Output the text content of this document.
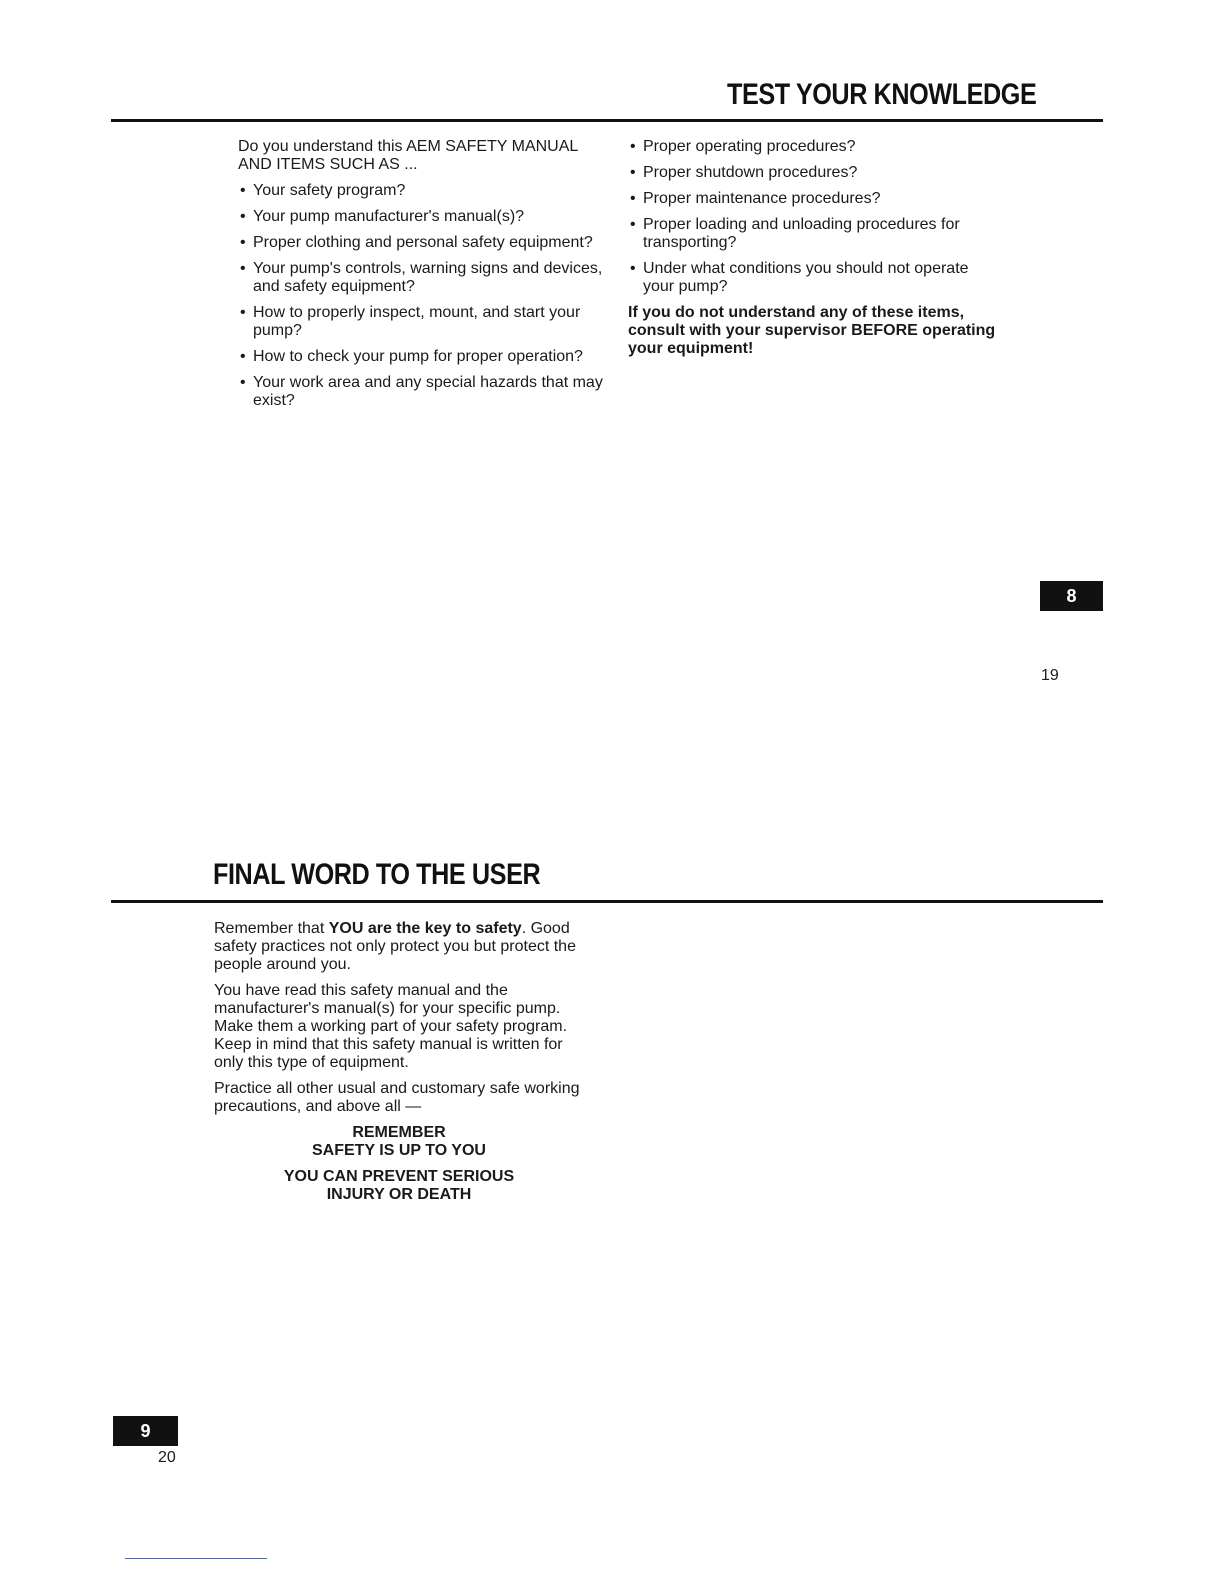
TEST YOUR KNOWLEDGE

Do you understand this AEM SAFETY MANUAL AND ITEMS SUCH AS ...

• Your safety program?
• Your pump manufacturer's manual(s)?
• Proper clothing and personal safety equipment?
• Your pump's controls, warning signs and devices, and safety equipment?
• How to properly inspect, mount, and start your pump?
• How to check your pump for proper operation?
• Your work area and any special hazards that may exist?
• Proper operating procedures?
• Proper shutdown procedures?
• Proper maintenance procedures?
• Proper loading and unloading procedures for transporting?
• Under what conditions you should not operate your pump?

If you do not understand any of these items, consult with your supervisor BEFORE operating your equipment!

8
19
FINAL WORD TO THE USER

Remember that YOU are the key to safety. Good safety practices not only protect you but protect the people around you.

You have read this safety manual and the manufacturer's manual(s) for your specific pump. Make them a working part of your safety program. Keep in mind that this safety manual is written for only this type of equipment.

Practice all other usual and customary safe working precautions, and above all —

REMEMBER
SAFETY IS UP TO YOU
YOU CAN PREVENT SERIOUS
INJURY OR DEATH
9
20
